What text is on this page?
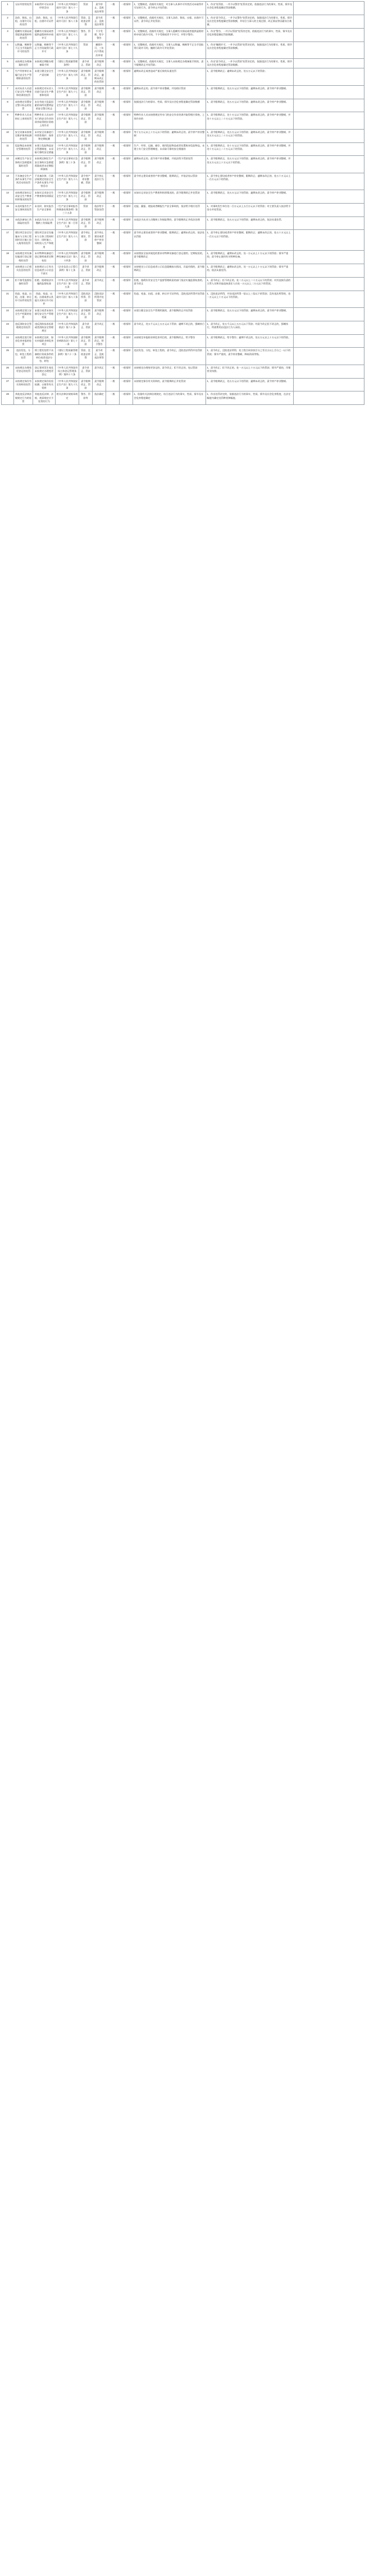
1	无证经营的处罚	未取得许可证从事经营活动	《中华人民共和国行政许可法》第八十一条	罚款	责令停止、没收违法所得	一般	一般情形	1、完整阐述，依据有关规定，对当事人从事许可经营活动未取得许可证的行为，责令停止并处罚款；	1、作出“处罚款、一并予以警告”处罚决定的，依据违法行为的事实、性质、情节及社会危害程度确定罚款数额。	
2	涂改、倒卖、出租、出借许可证的处罚	涂改、倒卖、出租、出借许可证件	《中华人民共和国行政许可法》第八十条	罚款、没收违法所得	责令改正、没收违法所得	一般	一般情形	1、完整阐述，依据有关规定，当事人涂改、倒卖、出租、出借许可证件，责令改正并处罚款；	1、作出“责令改正、一并予以警告”处罚决定的，依据违法行为的事实、性质、情节及社会危害程度确定罚款数额，并结合当事人的主观过错、改正情况等因素综合裁量。	
3	隐瞒有关情况或者提供虚假材料的处罚	隐瞒有关情况或者提供虚假材料申请许可	《中华人民共和国行政许可法》第七十八条	警告、罚款	不予受理、给予警告	一般	一般情形	1、完整阐述，依据有关规定，当事人隐瞒有关情况或者提供虚假材料申请行政许可的，不予受理或者不予许可，并给予警告；	1、作出“警告、一并予以罚款”处罚决定的，依据违法行为的事实、性质、情节及社会危害程度确定罚款数额。	
4	以欺骗、贿赂等不正当手段取得许可的处罚	以欺骗、贿赂等不正当手段取得行政许可	《中华人民共和国行政许可法》第七十九条	罚款	撤销许可、三年内不得再次申请	一般	一般情形	1、完整阐述，依据有关规定，当事人以欺骗、贿赂等不正当手段取得行政许可的，撤销行政许可并处罚款；	1、作出“撤销许可、一并予以罚款”处罚决定的，依据违法行为的事实、性质、情节及社会危害程度确定罚款数额。	
5	未按规定办理备案的处罚	未按规定期限办理备案手续	《建设工程质量管理条例》	责令改正、罚款	责令限期改正	一般	一般情形	1、完整阐述，依据有关规定，当事人未按规定办理备案手续的，责令限期改正并处罚款；	1、作出“责令改正、一并予以罚款”处罚决定的，依据违法行为的事实、性质、情节及社会危害程度确定罚款数额。	
6	生产经营单位未履行安全生产管理职责的处罚	未建立健全安全生产责任制	《中华人民共和国安全生产法》第九十四条	责令限期改正、罚款	责令限期改正，逾期未改正的处罚款	一般	一般情形	逾期未改正或者造成严重后果的从重处罚	1、责令限期改正；逾期未改正的，处五万元以下的罚款；	
7	未对从业人员进行安全生产教育和培训的处罚	未按规定对从业人员进行安全生产教育和培训	《中华人民共和国安全生产法》第九十七条	责令限期改正、罚款	责令限期改正	一般	一般情形	逾期未改正的，责令停产停业整顿，并处相应罚款	1、责令限期改正，处五万元以下的罚款；逾期未改正的，责令停产停业整顿。	
8	未按规定设置安全警示标志的处罚	未在有较大危险因素的场所设置明显的安全警示标志	《中华人民共和国安全生产法》第九十六条	责令限期改正、罚款	责令限期改正	一般	一般情形	依据违法行为的事实、性质、情节及社会危害程度确定罚款数额	1、责令限期改正，处五万元以下的罚款；逾期未改正的，责令停产停业整顿。	
9	特种作业人员未持证上岗的处罚	特种作业人员未经专门的安全作业培训并取得相应资格上岗作业	《中华人民共和国安全生产法》第九十七条	责令限期改正、罚款	责令限期改正	一般	一般情形	特种作业人员未按照规定经专门的安全作业培训并取得相应资格，上岗作业的	1、责令限期改正，处十万元以下的罚款；逾期未改正的，责令停产停业整顿，并处十万元以上二十万元以下的罚款。	
10	安全设备未按规定维护保养检测的处罚	未对安全设备进行经常性维护、保养和定期检测	《中华人民共和国安全生产法》第九十九条	责令限期改正、罚款	责令限期改正	一般	一般情形	等于五万元以上十万元以下的罚款；逾期未改正的，责令停产停业整顿	1、责令限期改正，处五万元以下的罚款；逾期未改正的，责令停产停业整顿，并处五万元以上二十万元以下的罚款。	
11	危险物品未按规定管理的处罚	未建立危险物品安全管理制度、未采取可靠的安全措施	《中华人民共和国安全生产法》第九十八条	责令限期改正、罚款	责令限期改正	一般	一般情形	生产、经营、运输、储存、使用危险物品或者处置废弃危险物品，未建立专门安全管理制度、未采取可靠的安全措施的	1、责令限期改正，处十万元以下的罚款；逾期未改正的，责令停产停业整顿，并处十万元以上二十万元以下的罚款。	
12	未制定生产安全事故应急救援预案的处罚	未按规定制定生产安全事故应急救援预案或者未定期组织演练	《生产安全事故应急条例》第三十条	责令限期改正、罚款	责令限期改正	一般	一般情形	逾期未改正的，责令停产停业整顿，并依法给予罚款处罚	1、责令限期改正，处五万元以下的罚款；逾期未改正的，责令停产停业整顿，并处五万元以上十万元以下的罚款。	
13	不具备安全生产条件从事生产经营活动的处罚	不具备法律、行政法规规定的安全生产条件从事生产经营活动	《中华人民共和国安全生产法》第九十八条	责令停产停业整顿、罚款	责令停止违法行为	一般	一般情形	责令停止建设或者停产停业整顿，限期改正，并依法处以罚款	1、责令停止建设或者停产停业整顿，限期改正；逾期未改正的，处五十万元以上一百万元以下的罚款。	
14	未按规定如实记录安全生产教育培训情况的处罚	未如实记录安全生产教育和培训情况	《中华人民共和国安全生产法》第九十七条	责令限期改正、罚款	责令限期改正	一般	一般情形	未如实记录安全生产教育和培训情况的，责令限期改正并处罚款	1、责令限期改正，处五万元以下的罚款；逾期未改正的，责令停产停业整顿。	
15	未及时报告生产安全事故的处罚	未及时、如实报告生产安全事故	《生产安全事故报告和调查处理条例》第三十五条	罚款	依法给予罚款处罚	一般	一般情形	迟报、漏报、谎报或者瞒报生产安全事故的，依法给予相应处罚	1、对事故发生单位处一百万元以上五百万元以下的罚款；对主要负责人依法给予处分并处罚款。	
16	未依法参加工伤保险的处罚	未依法为从业人员缴纳工伤保险费	《中华人民共和国安全生产法》第一百零九条	责令限期改正、罚款	责令限期改正	一般	一般情形	未依法为从业人员缴纳工伤保险费的，责令限期改正并依法处理	1、责令限期改正，处五万元以下的罚款；逾期未改正的，依法从重处罚。	
17	建设项目安全设施未与主体工程同时设计施工投入使用的处罚	建设项目安全设施未与主体工程同时设计、同时施工、同时投入生产和使用	《中华人民共和国安全生产法》第九十八条	责令停止建设、罚款	责令停止建设或者停产停业整顿	一般	一般情形	责令停止建设或者停产停业整顿，限期改正；逾期未改正的，依法处以罚款	1、责令停止建设或者停产停业整顿，限期改正；逾期未改正的，处五十万元以上一百万元以下的罚款。	
18	未按规定对设备设施进行登记建档的处罚	未对特种设备进行登记建档或者定期检验	《中华人民共和国特种设备安全法》第八十四条	责令限期改正、罚款	责令限期改正	一般	一般情形	未按照安全技术规范的要求对特种设备进行登记建档、定期检验的，责令限期改正	1、责令限期改正，逾期未改正的，处一万元以上十万元以下的罚款；情节严重的，责令停止使用有关特种设备。	
19	未按规定公示相关信息的处罚	未按规定公示有关信息或者公示信息不真实	《企业信息公示暂行条例》第十七条	责令改正、罚款	责令限期改正	一般	一般情形	未按规定公示信息或者公示信息隐瞒真实情况、弄虚作假的，责令限期改正	1、责令限期改正；逾期未改正的，处一万元以上十万元以下的罚款；情节严重的，依法从重处罚。	
20	拒不接受监督检查的处罚	拒绝、阻碍依法实施的监督检查	《中华人民共和国安全生产法》第一百零五条	责令改正、罚款	责令改正	一般	一般情形	拒绝、阻碍负有安全生产监督管理职责的部门依法实施监督检查的，责令改正	1、责令改正；拒不改正的，处二万元以上二十万元以下的罚款；对其直接负责的主管人员和其他直接责任人员处一万元以上二万元以下的罚款。	
21	伪造、变造、出租、出借、转让许可证件的处罚	伪造、变造、出租、出借或者以其他方式转让许可证件	《中华人民共和国行政许可法》第八十条	没收违法所得、罚款	没收违法所得并处罚款	一般	一般情形	伪造、变造、出租、出借、转让许可证件的，没收违法所得并处罚款	1、没收违法所得，并处违法所得一倍以上三倍以下的罚款；没有违法所得的，处一万元以上十万元以下的罚款。	
22	未按规定建立安全生产档案的处罚	未建立或者未如实填写安全生产管理档案	《中华人民共和国安全生产法》第九十七条	责令限期改正、罚款	责令限期改正	一般	一般情形	未建立健全安全生产管理档案的，责令限期改正并处罚款	1、责令限期改正，处五万元以下的罚款；逾期未改正的，责令停产停业整顿。	
23	违反消防安全管理规定的处罚	违反消防技术标准或者消防安全管理规定	《中华人民共和国消防法》第六十条	责令改正、罚款	责令改正	一般	一般情形	责令改正，处五千元以上五万元以下罚款；逾期不改正的，强制执行	1、责令改正，处五千元以上五万元以下罚款；经责令改正拒不改正的，强制执行，所需费用由违法行为人承担。	
24	未按规定进行职业危害申报的处罚	未按规定及时、如实申报职业病危害项目	《中华人民共和国职业病防治法》第七十一条	责令限期改正、罚款	责令限期改正、给予警告	一般	一般情形	未按规定申报职业病危害项目的，责令限期改正，给予警告	1、责令限期改正，给予警告；逾期不改正的，处五万元以上十万元以下的罚款。	
25	违法发包、分包、转包工程的处罚	将工程发包给不具备相应资质条件的单位或者违法分包、转包	《建设工程质量管理条例》第六十二条	罚款、没收违法所得	责令改正、没收违法所得	一般	一般情形	违法发包、分包、转包工程的，责令改正，没收违法所得并处罚款	1、责令改正，没收违法所得，处工程合同价款百分之零点五以上百分之一以下的罚款；情节严重的，责令停业整顿，降低资质等级。	
26	未按规定办理变更登记的处罚	登记事项发生变化未按规定办理变更登记	《中华人民共和国市场主体登记管理条例》第四十六条	责令改正、罚款	责令改正	一般	一般情形	未按规定办理变更登记的，责令改正；拒不改正的，处以罚款	1、责令改正；拒不改正的，处一万元以上十万元以下的罚款；情节严重的，吊销营业执照。	
27	未按规定保存有关资料的处罚	未按规定保存检验检测、台账等有关资料	《中华人民共和国安全生产法》第九十九条	责令限期改正、罚款	责令限期改正	一般	一般情形	未按规定保存有关资料的，责令限期改正并处罚款	1、责令限期改正，处五万元以下的罚款；逾期未改正的，责令停产停业整顿。	
28	其他违反法律法规规定行为的处罚	其他违反法律、法规、规章规定应予处罚的行为	相关法律法规规章规定	警告、罚款等	依法确定	一般	一般情形	1、依据有关法律法规规定，结合违法行为的事实、性质、情节及社会危害程度确定	1、作出处罚决定的，依据违法行为的事实、性质、情节及社会危害程度，在法定幅度内确定处罚种类和幅度。	
